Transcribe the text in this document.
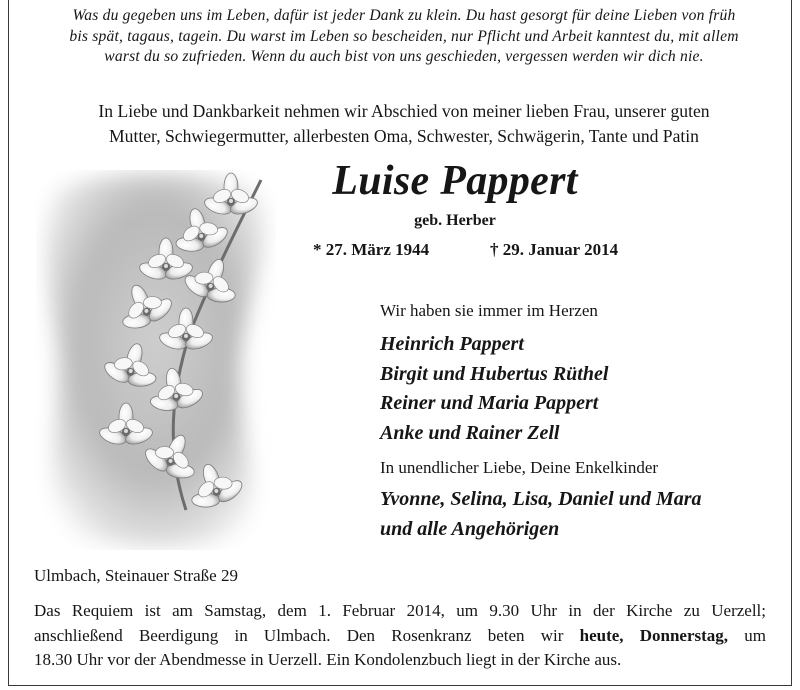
Was du gegeben uns im Leben, dafür ist jeder Dank zu klein. Du hast gesorgt für deine Lieben von früh
bis spät, tagaus, tagein. Du warst im Leben so bescheiden, nur Pflicht und Arbeit kanntest du, mit allem
warst du so zufrieden. Wenn du auch bist von uns geschieden, vergessen werden wir dich nie.
In Liebe und Dankbarkeit nehmen wir Abschied von meiner lieben Frau, unserer guten
Mutter, Schwiegermutter, allerbesten Oma, Schwester, Schwägerin, Tante und Patin
Luise Pappert
geb. Herber
* 27. März 1944	† 29. Januar 2014
Wir haben sie immer im Herzen
Heinrich Pappert
Birgit und Hubertus Rüthel
Reiner und Maria Pappert
Anke und Rainer Zell
In unendlicher Liebe, Deine Enkelkinder
Yvonne, Selina, Lisa, Daniel und Mara
und alle Angehörigen
Ulmbach, Steinauer Straße 29
Das Requiem ist am Samstag, dem 1. Februar 2014, um 9.30 Uhr in der Kirche zu Uerzell;
anschließend Beerdigung in Ulmbach. Den Rosenkranz beten wir heute, Donnerstag, um
18.30 Uhr vor der Abendmesse in Uerzell. Ein Kondolenzbuch liegt in der Kirche aus.
